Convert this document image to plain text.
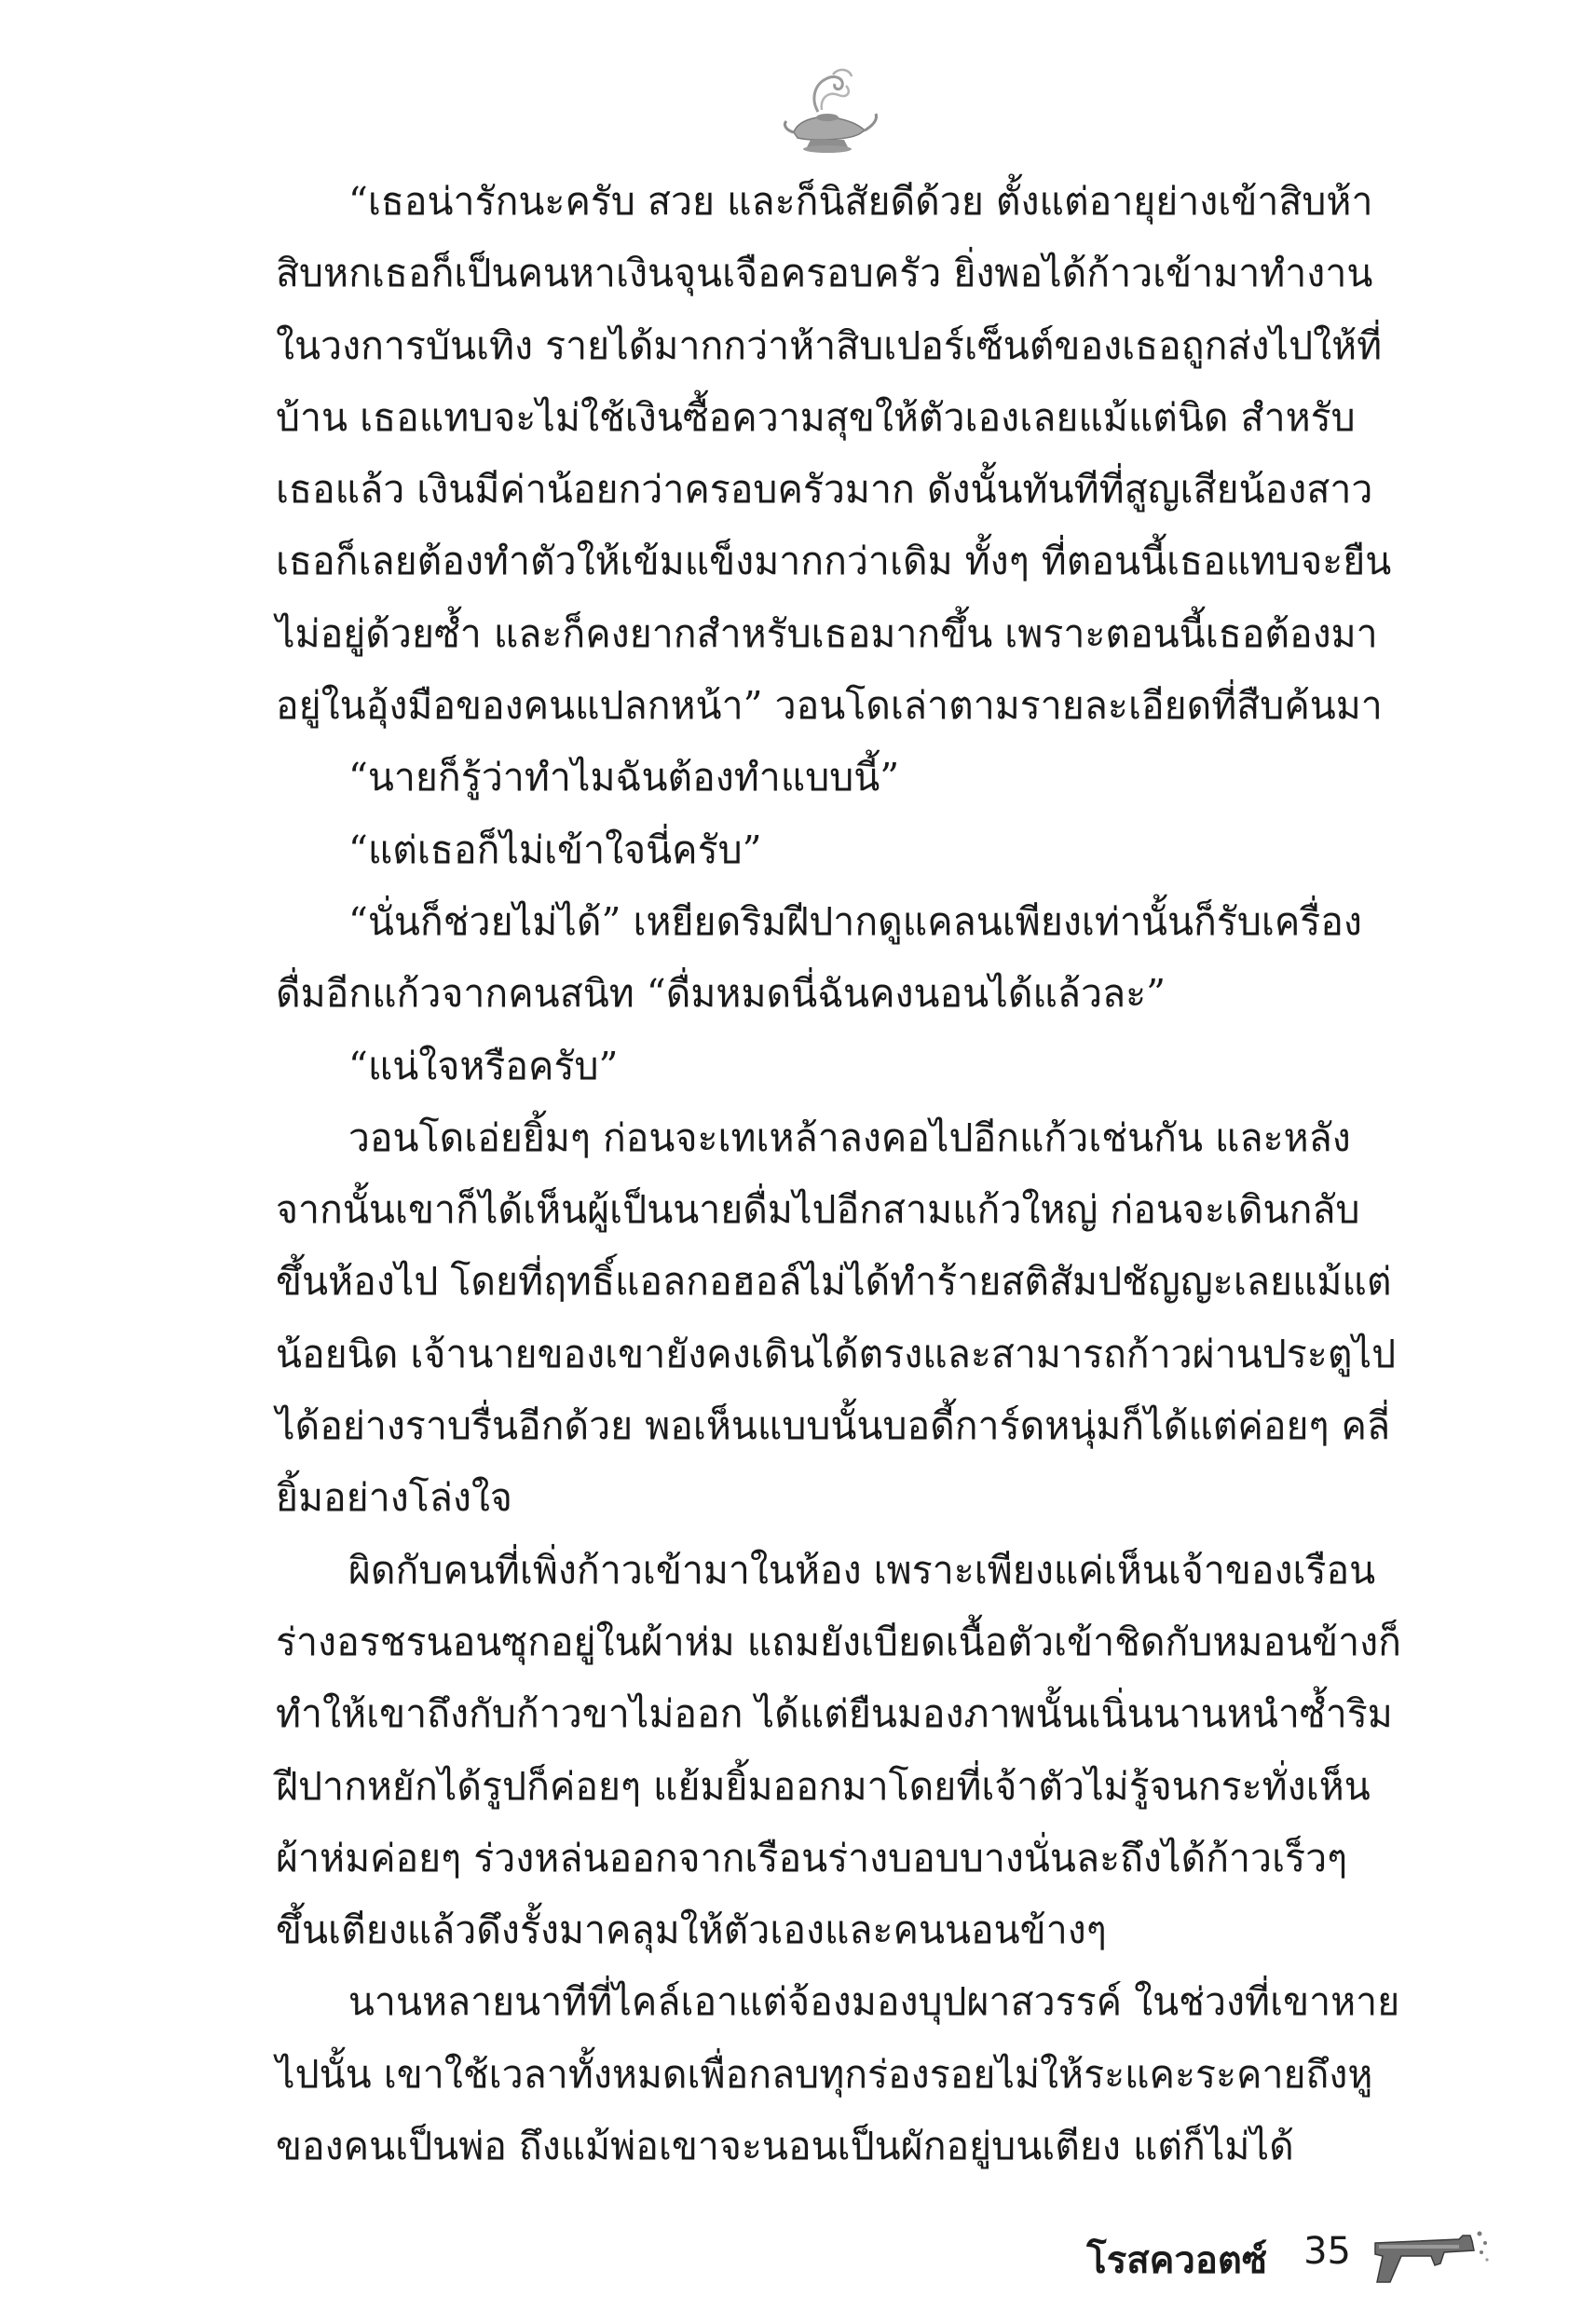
“เธอน่ารักนะครับ สวย และก็นิสัยดีด้วย ตั้งแต่อายุย่างเข้าสิบห้าสิบหกเธอก็เป็นคนหาเงินจุนเจือครอบครัว ยิ่งพอได้ก้าวเข้ามาทำงานในวงการบันเทิง รายได้มากกว่าห้าสิบเปอร์เซ็นต์ของเธอถูกส่งไปให้ที่บ้าน เธอแทบจะไม่ใช้เงินซื้อความสุขให้ตัวเองเลยแม้แต่นิด สำหรับเธอแล้ว เงินมีค่าน้อยกว่าครอบครัวมาก ดังนั้นทันทีที่สูญเสียน้องสาวเธอก็เลยต้องทำตัวให้เข้มแข็งมากกว่าเดิม ทั้งๆ ที่ตอนนี้เธอแทบจะยืนไม่อยู่ด้วยซ้ำ และก็คงยากสำหรับเธอมากขึ้น เพราะตอนนี้เธอต้องมาอยู่ในอุ้งมือของคนแปลกหน้า” วอนโดเล่าตามรายละเอียดที่สืบค้นมา

“นายก็รู้ว่าทำไมฉันต้องทำแบบนี้”

“แต่เธอก็ไม่เข้าใจนี่ครับ”

“นั่นก็ช่วยไม่ได้” เหยียดริมฝีปากดูแคลนเพียงเท่านั้นก็รับเครื่องดื่มอีกแก้วจากคนสนิท “ดื่มหมดนี่ฉันคงนอนได้แล้วละ”

“แน่ใจหรือครับ”

วอนโดเอ่ยยิ้มๆ ก่อนจะเทเหล้าลงคอไปอีกแก้วเช่นกัน และหลังจากนั้นเขาก็ได้เห็นผู้เป็นนายดื่มไปอีกสามแก้วใหญ่ ก่อนจะเดินกลับขึ้นห้องไป โดยที่ฤทธิ์แอลกอฮอล์ไม่ได้ทำร้ายสติสัมปชัญญะเลยแม้แต่น้อยนิด เจ้านายของเขายังคงเดินได้ตรงและสามารถก้าวผ่านประตูไปได้อย่างราบรื่นอีกด้วย พอเห็นแบบนั้นบอดี้การ์ดหนุ่มก็ได้แต่ค่อยๆ คลี่ยิ้มอย่างโล่งใจ

ผิดกับคนที่เพิ่งก้าวเข้ามาในห้อง เพราะเพียงแค่เห็นเจ้าของเรือนร่างอรชรนอนซุกอยู่ในผ้าห่ม แถมยังเบียดเนื้อตัวเข้าชิดกับหมอนข้างก็ทำให้เขาถึงกับก้าวขาไม่ออก ได้แต่ยืนมองภาพนั้นเนิ่นนานหนำซ้ำริมฝีปากหยักได้รูปก็ค่อยๆ แย้มยิ้มออกมาโดยที่เจ้าตัวไม่รู้จนกระทั่งเห็นผ้าห่มค่อยๆ ร่วงหล่นออกจากเรือนร่างบอบบางนั่นละถึงได้ก้าวเร็วๆ ขึ้นเตียงแล้วดึงรั้งมาคลุมให้ตัวเองและคนนอนข้างๆ

นานหลายนาทีที่ไคล์เอาแต่จ้องมองบุปผาสวรรค์ ในช่วงที่เขาหายไปนั้น เขาใช้เวลาทั้งหมดเพื่อกลบทุกร่องรอยไม่ให้ระแคะระคายถึงหูของคนเป็นพ่อ ถึงแม้พ่อเขาจะนอนเป็นผักอยู่บนเตียง แต่ก็ไม่ได้

โรสควอตซ์ 35
